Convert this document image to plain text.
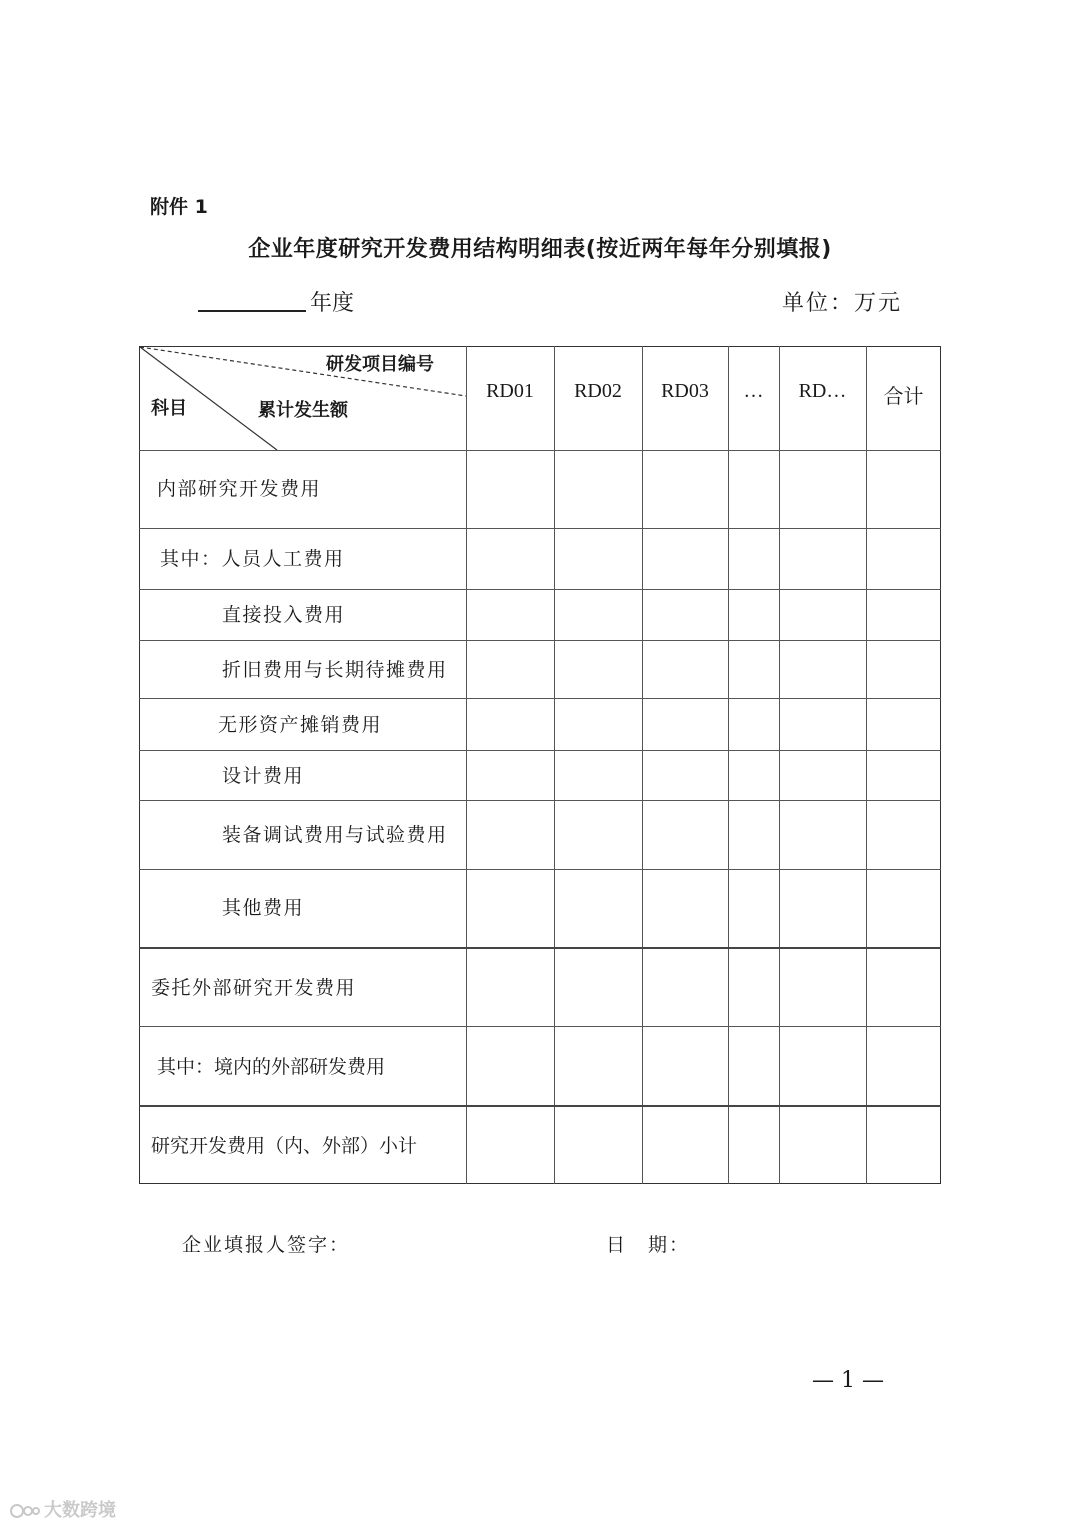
附件 1
企业年度研究开发费用结构明细表(按近两年每年分别填报)
年度	单位：万元
研发项目编号
累计发生额
科目
RD01	RD02	RD03	…	RD…	合计
内部研究开发费用
其中：人员人工费用
直接投入费用
折旧费用与长期待摊费用
无形资产摊销费用
设计费用
装备调试费用与试验费用
其他费用
委托外部研究开发费用
其中：境内的外部研发费用
研究开发费用（内、外部）小计
企业填报人签字：	日　期：
— 1 —
大数跨境
